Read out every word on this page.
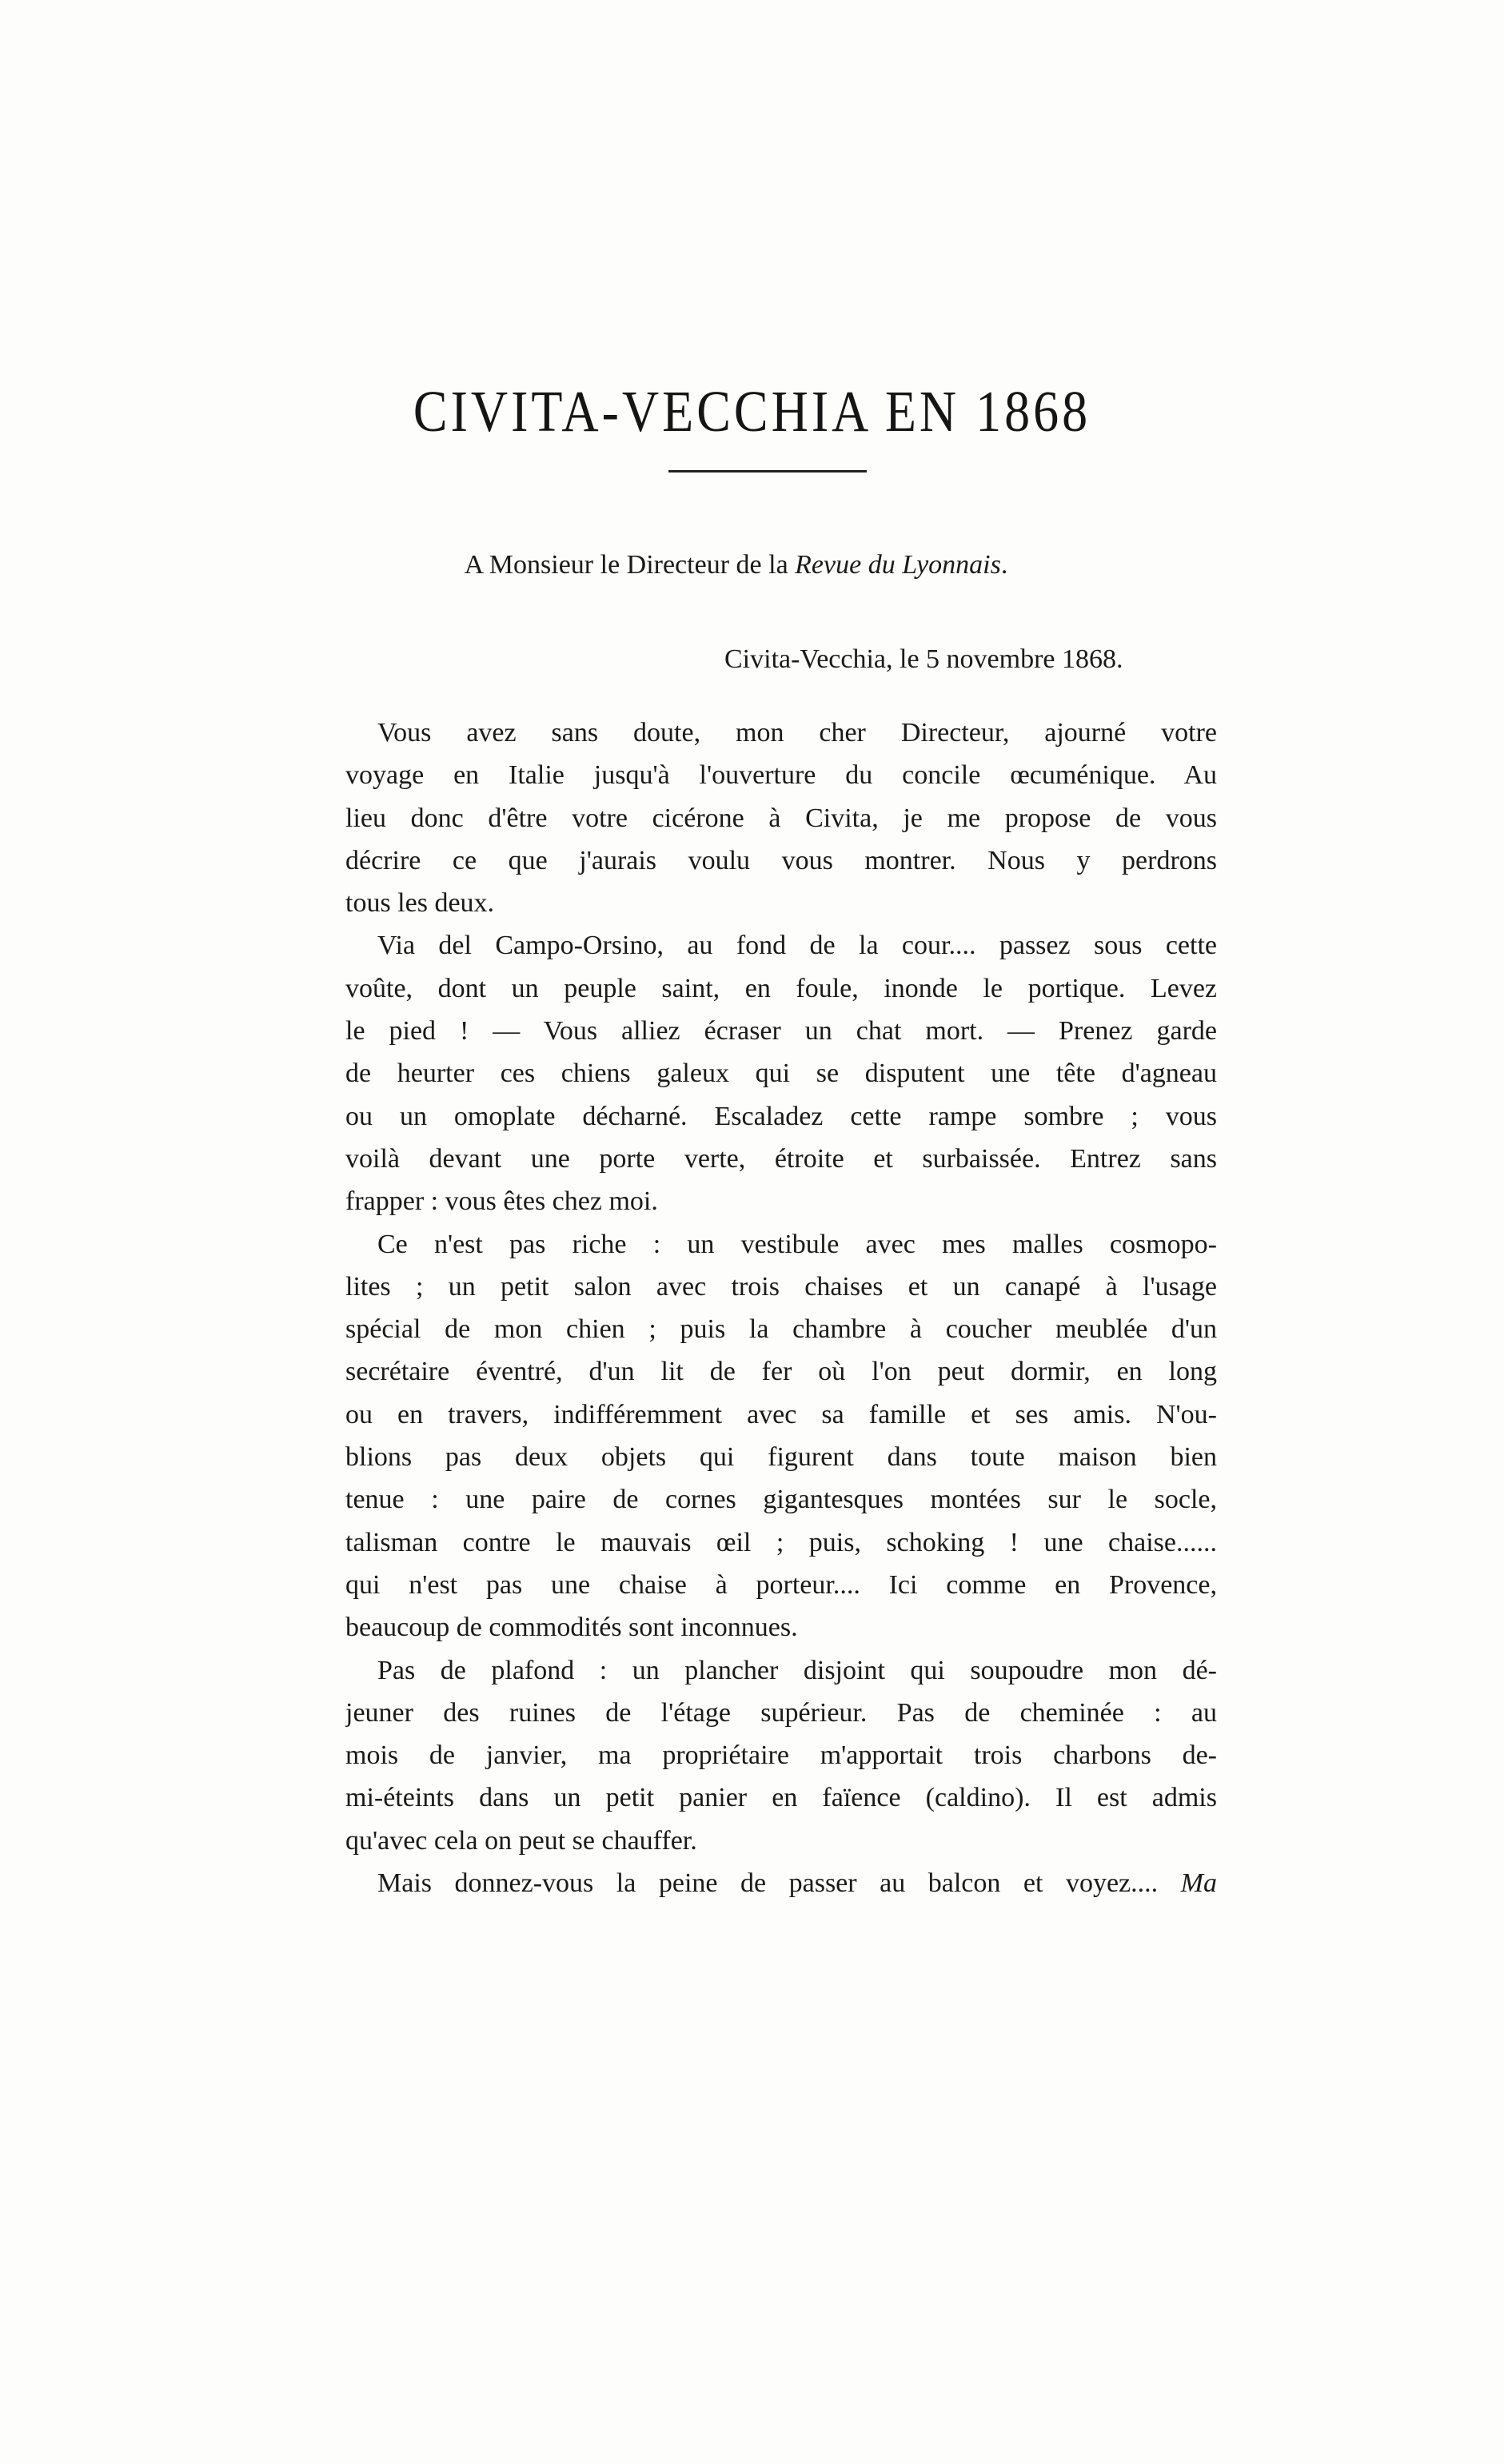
CIVITA-VECCHIA EN 1868
A Monsieur le Directeur de la Revue du Lyonnais.
Civita-Vecchia, le 5 novembre 1868.

Vous avez sans doute, mon cher Directeur, ajourné votre
voyage en Italie jusqu'à l'ouverture du concile œcuménique. Au
lieu donc d'être votre cicérone à Civita, je me propose de vous
décrire ce que j'aurais voulu vous montrer. Nous y perdrons
tous les deux.

Via del Campo-Orsino, au fond de la cour.... passez sous cette
voûte, dont un peuple saint, en foule, inonde le portique. Levez
le pied ! — Vous alliez écraser un chat mort. — Prenez garde
de heurter ces chiens galeux qui se disputent une tête d'agneau
ou un omoplate décharné. Escaladez cette rampe sombre ; vous
voilà devant une porte verte, étroite et surbaissée. Entrez sans
frapper : vous êtes chez moi.

Ce n'est pas riche : un vestibule avec mes malles cosmopo-
lites ; un petit salon avec trois chaises et un canapé à l'usage
spécial de mon chien ; puis la chambre à coucher meublée d'un
secrétaire éventré, d'un lit de fer où l'on peut dormir, en long
ou en travers, indifféremment avec sa famille et ses amis. N'ou-
blions pas deux objets qui figurent dans toute maison bien
tenue : une paire de cornes gigantesques montées sur le socle,
talisman contre le mauvais œil ; puis, schoking ! une chaise......
qui n'est pas une chaise à porteur.... Ici comme en Provence,
beaucoup de commodités sont inconnues.

Pas de plafond : un plancher disjoint qui soupoudre mon dé-
jeuner des ruines de l'étage supérieur. Pas de cheminée : au
mois de janvier, ma propriétaire m'apportait trois charbons de-
mi-éteints dans un petit panier en faïence (caldino). Il est admis
qu'avec cela on peut se chauffer.

Mais donnez-vous la peine de passer au balcon et voyez.... Ma
